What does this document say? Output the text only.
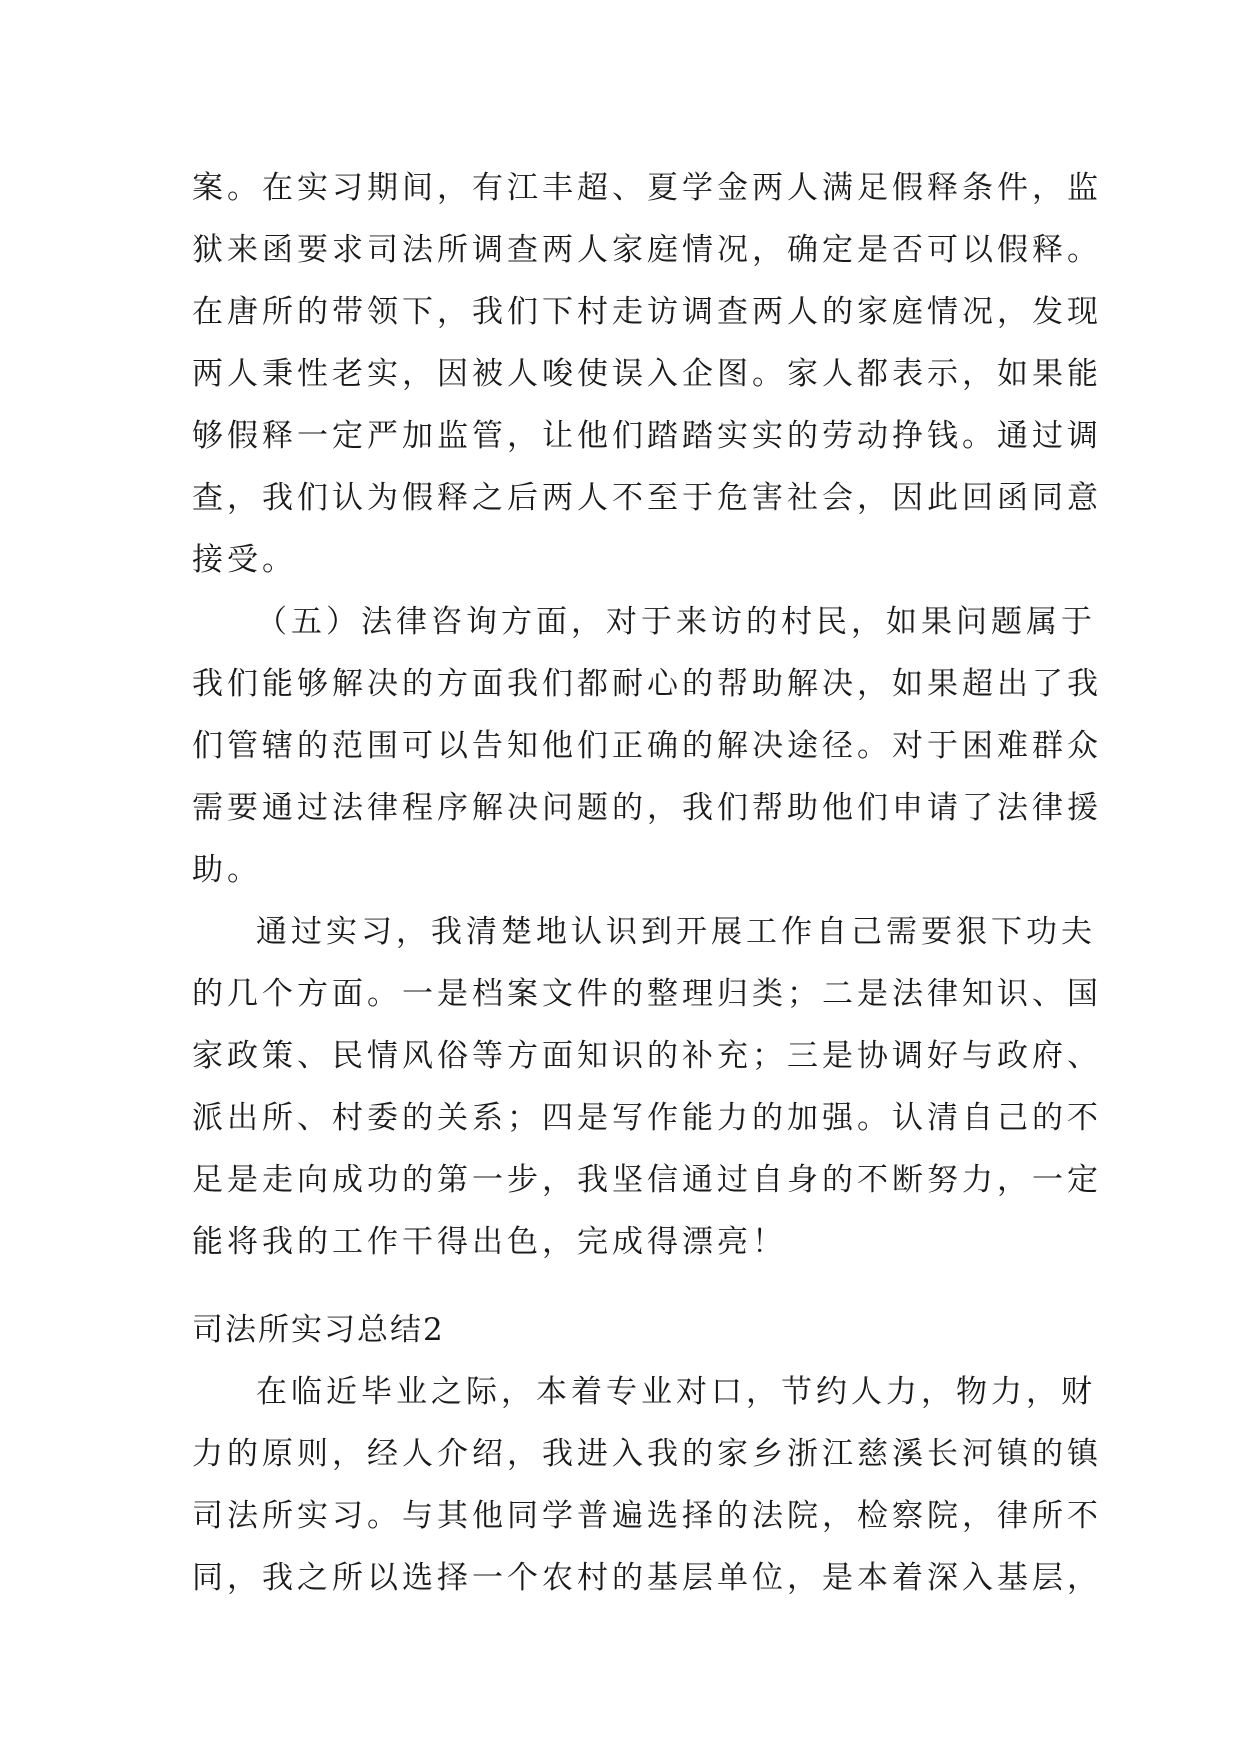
案。在实习期间，有江丰超、夏学金两人满足假释条件，监
狱来函要求司法所调查两人家庭情况，确定是否可以假释。
在唐所的带领下，我们下村走访调查两人的家庭情况，发现
两人秉性老实，因被人唆使误入企图。家人都表示，如果能
够假释一定严加监管，让他们踏踏实实的劳动挣钱。通过调
查，我们认为假释之后两人不至于危害社会，因此回函同意
接受。
（五）法律咨询方面，对于来访的村民，如果问题属于
我们能够解决的方面我们都耐心的帮助解决，如果超出了我
们管辖的范围可以告知他们正确的解决途径。对于困难群众
需要通过法律程序解决问题的，我们帮助他们申请了法律援
助。
通过实习，我清楚地认识到开展工作自己需要狠下功夫
的几个方面。一是档案文件的整理归类；二是法律知识、国
家政策、民情风俗等方面知识的补充；三是协调好与政府、
派出所、村委的关系；四是写作能力的加强。认清自己的不
足是走向成功的第一步，我坚信通过自身的不断努力，一定
能将我的工作干得出色，完成得漂亮！
司法所实习总结2
在临近毕业之际，本着专业对口，节约人力，物力，财
力的原则，经人介绍，我进入我的家乡浙江慈溪长河镇的镇
司法所实习。与其他同学普遍选择的法院，检察院，律所不
同，我之所以选择一个农村的基层单位，是本着深入基层，
